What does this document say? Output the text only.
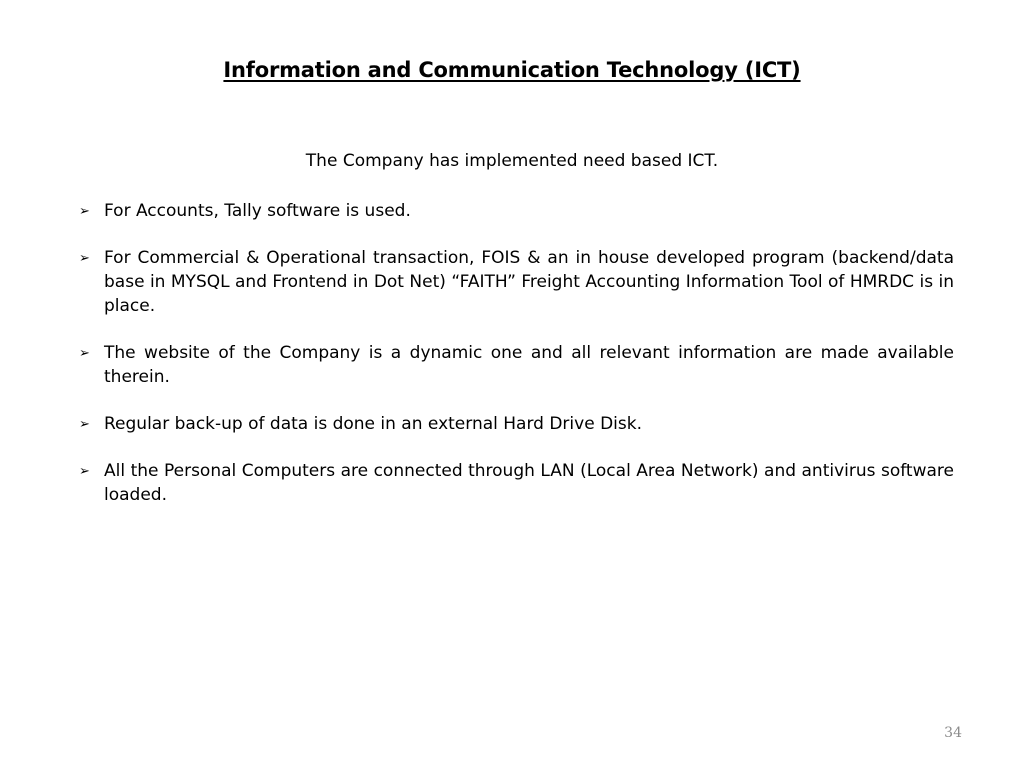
Information and Communication Technology (ICT)
The Company has implemented need based ICT.
➢ For Accounts, Tally software is used.
➢ For Commercial & Operational transaction, FOIS & an in house developed program (backend/data base in MYSQL and Frontend in Dot Net) “FAITH” Freight Accounting Information Tool of HMRDC is in place.
➢ The website of the Company is a dynamic one and all relevant information are made available therein.
➢ Regular back-up of data is done in an external Hard Drive Disk.
➢ All the Personal Computers are connected through LAN (Local Area Network) and antivirus software loaded.
34
